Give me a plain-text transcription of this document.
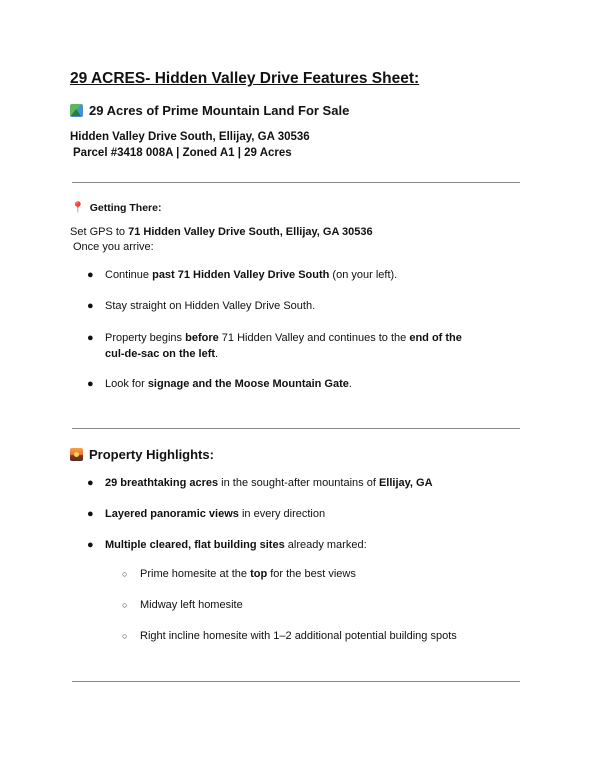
29 ACRES- Hidden Valley Drive Features Sheet:
29 Acres of Prime Mountain Land For Sale
Hidden Valley Drive South, Ellijay, GA 30536
Parcel #3418 008A | Zoned A1 | 29 Acres
📍 Getting There:
Set GPS to 71 Hidden Valley Drive South, Ellijay, GA 30536
Once you arrive:
● Continue past 71 Hidden Valley Drive South (on your left).
● Stay straight on Hidden Valley Drive South.
● Property begins before 71 Hidden Valley and continues to the end of the
cul-de-sac on the left.
● Look for signage and the Moose Mountain Gate.
Property Highlights:
● 29 breathtaking acres in the sought-after mountains of Ellijay, GA
● Layered panoramic views in every direction
● Multiple cleared, flat building sites already marked:
○ Prime homesite at the top for the best views
○ Midway left homesite
○ Right incline homesite with 1–2 additional potential building spots
